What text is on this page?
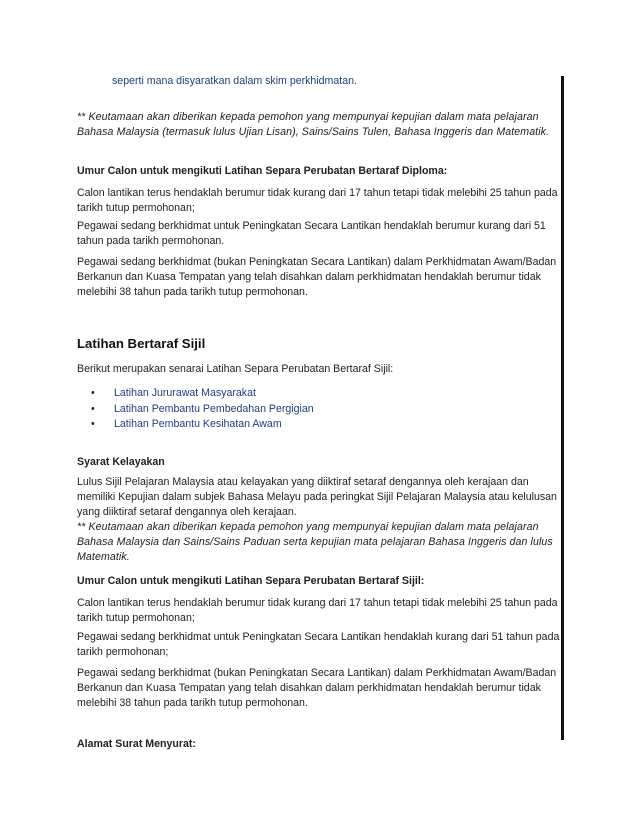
seperti mana disyaratkan dalam skim perkhidmatan.
** Keutamaan akan diberikan kepada pemohon yang mempunyai kepujian dalam mata pelajaran Bahasa Malaysia (termasuk lulus Ujian Lisan), Sains/Sains Tulen, Bahasa Inggeris dan Matematik.
Umur Calon untuk mengikuti Latihan Separa Perubatan Bertaraf Diploma:
Calon lantikan terus hendaklah berumur tidak kurang dari 17 tahun tetapi tidak melebihi 25 tahun pada tarikh tutup permohonan;
Pegawai sedang berkhidmat untuk Peningkatan Secara Lantikan hendaklah berumur kurang dari 51 tahun pada tarikh permohonan.
Pegawai sedang berkhidmat (bukan Peningkatan Secara Lantikan) dalam Perkhidmatan Awam/Badan Berkanun dan Kuasa Tempatan yang telah disahkan dalam perkhidmatan hendaklah berumur tidak melebihi 38 tahun pada tarikh tutup permohonan.
Latihan Bertaraf Sijil
Berikut merupakan senarai Latihan Separa Perubatan Bertaraf Sijil:
• Latihan Jururawat Masyarakat
• Latihan Pembantu Pembedahan Pergigian
• Latihan Pembantu Kesihatan Awam
Syarat Kelayakan
Lulus Sijil Pelajaran Malaysia atau kelayakan yang diiktiraf setaraf dengannya oleh kerajaan dan memiliki Kepujian dalam subjek Bahasa Melayu pada peringkat Sijil Pelajaran Malaysia atau kelulusan yang diiktiraf setaraf dengannya oleh kerajaan.
** Keutamaan akan diberikan kepada pemohon yang mempunyai kepujian dalam mata pelajaran Bahasa Malaysia dan Sains/Sains Paduan serta kepujian mata pelajaran Bahasa Inggeris dan lulus Matematik.
Umur Calon untuk mengikuti Latihan Separa Perubatan Bertaraf Sijil:
Calon lantikan terus hendaklah berumur tidak kurang dari 17 tahun tetapi tidak melebihi 25 tahun pada tarikh tutup permohonan;
Pegawai sedang berkhidmat untuk Peningkatan Secara Lantikan hendaklah kurang dari 51 tahun pada tarikh permohonan;
Pegawai sedang berkhidmat (bukan Peningkatan Secara Lantikan) dalam Perkhidmatan Awam/Badan Berkanun dan Kuasa Tempatan yang telah disahkan dalam perkhidmatan hendaklah berumur tidak melebihi 38 tahun pada tarikh tutup permohonan.
Alamat Surat Menyurat:
